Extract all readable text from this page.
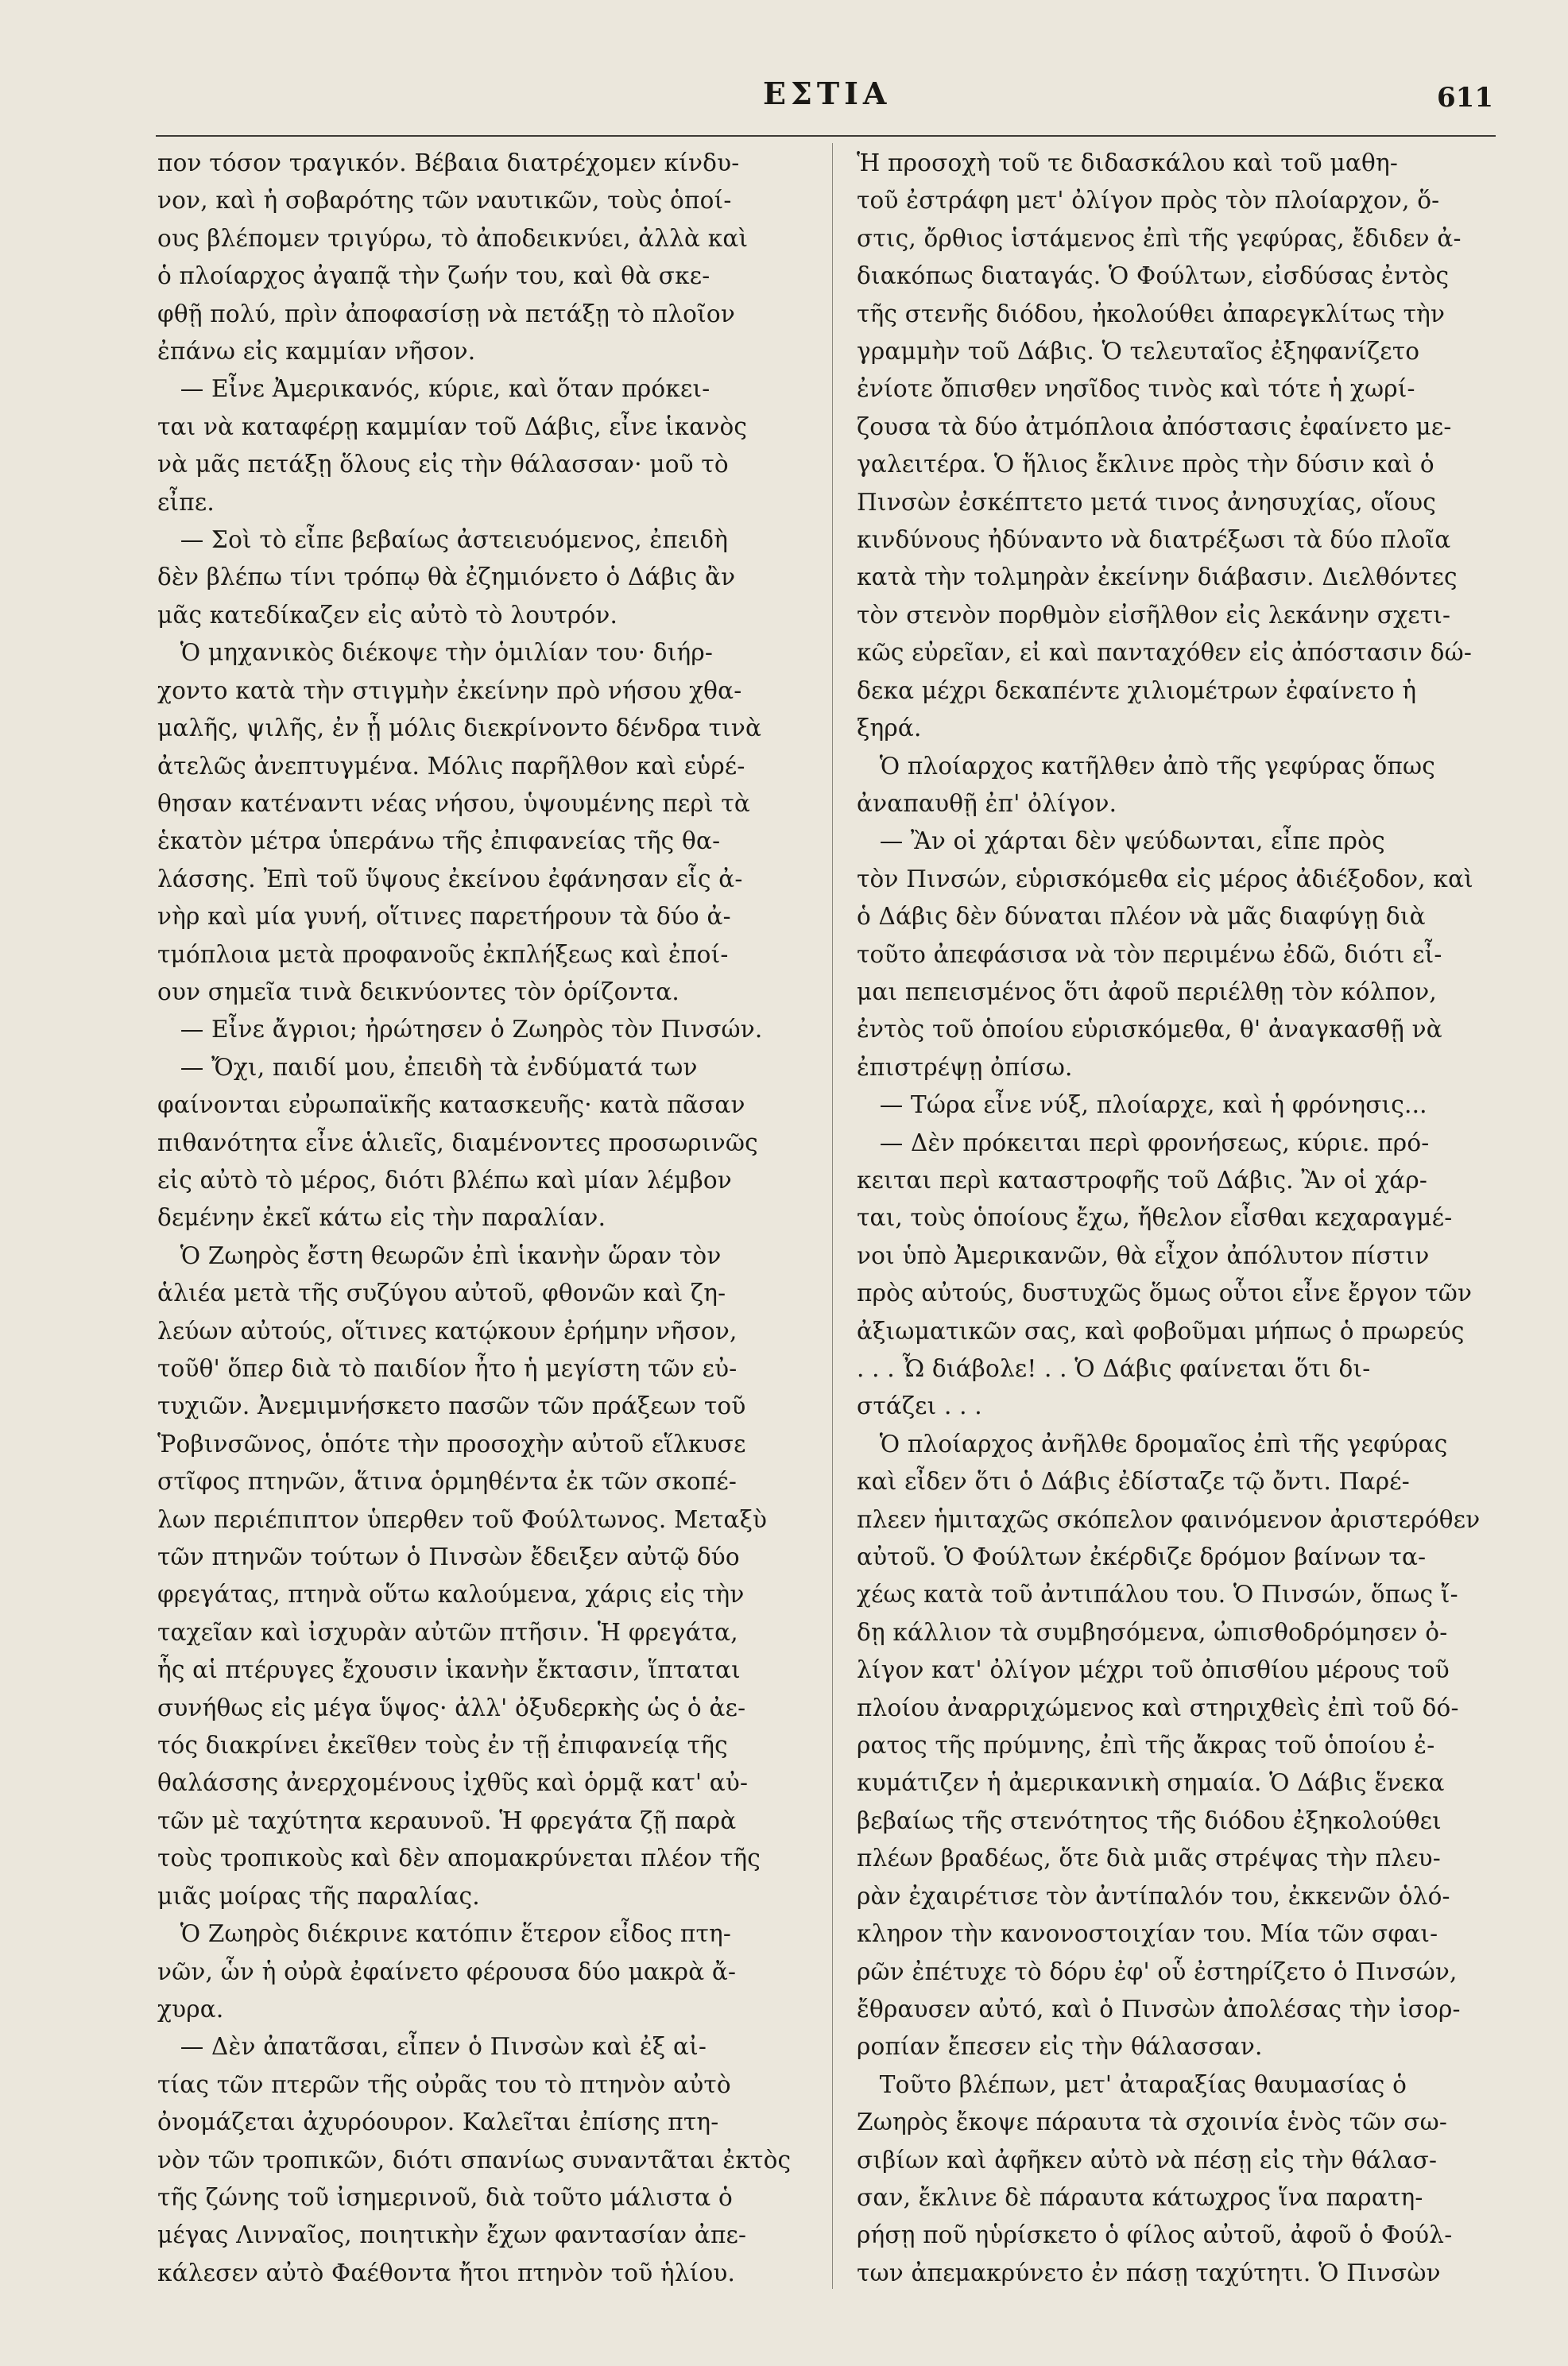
ΕΣΤΙΑ	611

πον τόσον τραγικόν. Βέβαια διατρέχομεν κίνδυ-
νον, καὶ ἡ σοβαρότης τῶν ναυτικῶν, τοὺς ὁποί-
ους βλέπομεν τριγύρω, τὸ ἀποδεικνύει, ἀλλὰ καὶ
ὁ πλοίαρχος ἀγαπᾷ τὴν ζωήν του, καὶ θὰ σκε-
φθῇ πολύ, πρὶν ἀποφασίσῃ νὰ πετάξῃ τὸ πλοῖον
ἐπάνω εἰς καμμίαν νῆσον.
— Εἶνε Ἀμερικανός, κύριε, καὶ ὅταν πρόκει-
ται νὰ καταφέρῃ καμμίαν τοῦ Δάβις, εἶνε ἱκανὸς
νὰ μᾶς πετάξῃ ὅλους εἰς τὴν θάλασσαν· μοῦ τὸ
εἶπε.
— Σοὶ τὸ εἶπε βεβαίως ἀστειευόμενος, ἐπειδὴ
δὲν βλέπω τίνι τρόπῳ θὰ ἐζημιόνετο ὁ Δάβις ἂν
μᾶς κατεδίκαζεν εἰς αὐτὸ τὸ λουτρόν.
Ὁ μηχανικὸς διέκοψε τὴν ὁμιλίαν του· διήρ-
χοντο κατὰ τὴν στιγμὴν ἐκείνην πρὸ νήσου χθα-
μαλῆς, ψιλῆς, ἐν ᾗ μόλις διεκρίνοντο δένδρα τινὰ
ἀτελῶς ἀνεπτυγμένα. Μόλις παρῆλθον καὶ εὑρέ-
θησαν κατέναντι νέας νήσου, ὑψουμένης περὶ τὰ
ἑκατὸν μέτρα ὑπεράνω τῆς ἐπιφανείας τῆς θα-
λάσσης. Ἐπὶ τοῦ ὕψους ἐκείνου ἐφάνησαν εἷς ἀ-
νὴρ καὶ μία γυνή, οἵτινες παρετήρουν τὰ δύο ἀ-
τμόπλοια μετὰ προφανοῦς ἐκπλήξεως καὶ ἐποί-
ουν σημεῖα τινὰ δεικνύοντες τὸν ὁρίζοντα.
— Εἶνε ἄγριοι; ἠρώτησεν ὁ Ζωηρὸς τὸν Πινσών.
— Ὄχι, παιδί μου, ἐπειδὴ τὰ ἐνδύματά των
φαίνονται εὐρωπαϊκῆς κατασκευῆς· κατὰ πᾶσαν
πιθανότητα εἶνε ἁλιεῖς, διαμένοντες προσωρινῶς
εἰς αὐτὸ τὸ μέρος, διότι βλέπω καὶ μίαν λέμβον
δεμένην ἐκεῖ κάτω εἰς τὴν παραλίαν.
Ὁ Ζωηρὸς ἔστη θεωρῶν ἐπὶ ἱκανὴν ὥραν τὸν
ἁλιέα μετὰ τῆς συζύγου αὐτοῦ, φθονῶν καὶ ζη-
λεύων αὐτούς, οἵτινες κατῴκουν ἐρήμην νῆσον,
τοῦθ' ὅπερ διὰ τὸ παιδίον ἦτο ἡ μεγίστη τῶν εὐ-
τυχιῶν. Ἀνεμιμνήσκετο πασῶν τῶν πράξεων τοῦ
Ῥοβινσῶνος, ὁπότε τὴν προσοχὴν αὐτοῦ εἵλκυσε
στῖφος πτηνῶν, ἅτινα ὁρμηθέντα ἐκ τῶν σκοπέ-
λων περιέπιπτον ὑπερθεν τοῦ Φούλτωνος. Μεταξὺ
τῶν πτηνῶν τούτων ὁ Πινσὼν ἔδειξεν αὐτῷ δύο
φρεγάτας, πτηνὰ οὕτω καλούμενα, χάρις εἰς τὴν
ταχεῖαν καὶ ἰσχυρὰν αὐτῶν πτῆσιν. Ἡ φρεγάτα,
ἧς αἱ πτέρυγες ἔχουσιν ἱκανὴν ἔκτασιν, ἵπταται
συνήθως εἰς μέγα ὕψος· ἀλλ' ὀξυδερκὴς ὡς ὁ ἀε-
τός διακρίνει ἐκεῖθεν τοὺς ἐν τῇ ἐπιφανείᾳ τῆς
θαλάσσης ἀνερχομένους ἰχθῦς καὶ ὁρμᾷ κατ' αὐ-
τῶν μὲ ταχύτητα κεραυνοῦ. Ἡ φρεγάτα ζῇ παρὰ
τοὺς τροπικοὺς καὶ δὲν απομακρύνεται πλέον τῆς
μιᾶς μοίρας τῆς παραλίας.
Ὁ Ζωηρὸς διέκρινε κατόπιν ἕτερον εἶδος πτη-
νῶν, ὧν ἡ οὐρὰ ἐφαίνετο φέρουσα δύο μακρὰ ἄ-
χυρα.
— Δὲν ἀπατᾶσαι, εἶπεν ὁ Πινσὼν καὶ ἐξ αἰ-
τίας τῶν πτερῶν τῆς οὐρᾶς του τὸ πτηνὸν αὐτὸ
ὀνομάζεται ἀχυρόουρον. Καλεῖται ἐπίσης πτη-
νὸν τῶν τροπικῶν, διότι σπανίως συναντᾶται ἐκτὸς
τῆς ζώνης τοῦ ἰσημερινοῦ, διὰ τοῦτο μάλιστα ὁ
μέγας Λινναῖος, ποιητικὴν ἔχων φαντασίαν ἀπε-
κάλεσεν αὐτὸ Φαέθοντα ἤτοι πτηνὸν τοῦ ἡλίου.

Ἡ προσοχὴ τοῦ τε διδασκάλου καὶ τοῦ μαθη-
τοῦ ἐστράφη μετ' ὀλίγον πρὸς τὸν πλοίαρχον, ὅ-
στις, ὄρθιος ἱστάμενος ἐπὶ τῆς γεφύρας, ἔδιδεν ἀ-
διακόπως διαταγάς. Ὁ Φούλτων, εἰσδύσας ἐντὸς
τῆς στενῆς διόδου, ἠκολούθει ἀπαρεγκλίτως τὴν
γραμμὴν τοῦ Δάβις. Ὁ τελευταῖος ἐξηφανίζετο
ἐνίοτε ὄπισθεν νησῖδος τινὸς καὶ τότε ἡ χωρί-
ζουσα τὰ δύο ἀτμόπλοια ἀπόστασις ἐφαίνετο με-
γαλειτέρα. Ὁ ἥλιος ἔκλινε πρὸς τὴν δύσιν καὶ ὁ
Πινσὼν ἐσκέπτετο μετά τινος ἀνησυχίας, οἵους
κινδύνους ἠδύναντο νὰ διατρέξωσι τὰ δύο πλοῖα
κατὰ τὴν τολμηρὰν ἐκείνην διάβασιν. Διελθόντες
τὸν στενὸν πορθμὸν εἰσῆλθον εἰς λεκάνην σχετι-
κῶς εὐρεῖαν, εἰ καὶ πανταχόθεν εἰς ἀπόστασιν δώ-
δεκα μέχρι δεκαπέντε χιλιομέτρων ἐφαίνετο ἡ
ξηρά.
Ὁ πλοίαρχος κατῆλθεν ἀπὸ τῆς γεφύρας ὅπως
ἀναπαυθῇ ἐπ' ὀλίγον.
— Ἂν οἱ χάρται δὲν ψεύδωνται, εἶπε πρὸς
τὸν Πινσών, εὑρισκόμεθα εἰς μέρος ἀδιέξοδον, καὶ
ὁ Δάβις δὲν δύναται πλέον νὰ μᾶς διαφύγῃ διὰ
τοῦτο ἀπεφάσισα νὰ τὸν περιμένω ἐδῶ, διότι εἶ-
μαι πεπεισμένος ὅτι ἀφοῦ περιέλθῃ τὸν κόλπον,
ἐντὸς τοῦ ὁποίου εὑρισκόμεθα, θ' ἀναγκασθῇ νὰ
ἐπιστρέψῃ ὀπίσω.
— Τώρα εἶνε νύξ, πλοίαρχε, καὶ ἡ φρόνησις...
— Δὲν πρόκειται περὶ φρονήσεως, κύριε. πρό-
κειται περὶ καταστροφῆς τοῦ Δάβις. Ἂν οἱ χάρ-
ται, τοὺς ὁποίους ἔχω, ἤθελον εἶσθαι κεχαραγμέ-
νοι ὑπὸ Ἀμερικανῶν, θὰ εἶχον ἀπόλυτον πίστιν
πρὸς αὐτούς, δυστυχῶς ὅμως οὗτοι εἶνε ἔργον τῶν
ἀξιωματικῶν σας, καὶ φοβοῦμαι μήπως ὁ πρωρεύς
. . . Ὦ διάβολε! . . Ὁ Δάβις φαίνεται ὅτι δι-
στάζει . . .
Ὁ πλοίαρχος ἀνῆλθε δρομαῖος ἐπὶ τῆς γεφύρας
καὶ εἶδεν ὅτι ὁ Δάβις ἐδίσταζε τῷ ὄντι. Παρέ-
πλεεν ἡμιταχῶς σκόπελον φαινόμενον ἀριστερόθεν
αὐτοῦ. Ὁ Φούλτων ἐκέρδιζε δρόμον βαίνων τα-
χέως κατὰ τοῦ ἀντιπάλου του. Ὁ Πινσών, ὅπως ἴ-
δῃ κάλλιον τὰ συμβησόμενα, ὠπισθοδρόμησεν ὀ-
λίγον κατ' ὀλίγον μέχρι τοῦ ὀπισθίου μέρους τοῦ
πλοίου ἀναρριχώμενος καὶ στηριχθεὶς ἐπὶ τοῦ δό-
ρατος τῆς πρύμνης, ἐπὶ τῆς ἄκρας τοῦ ὁποίου ἐ-
κυμάτιζεν ἡ ἀμερικανικὴ σημαία. Ὁ Δάβις ἕνεκα
βεβαίως τῆς στενότητος τῆς διόδου ἐξηκολούθει
πλέων βραδέως, ὅτε διὰ μιᾶς στρέψας τὴν πλευ-
ρὰν ἐχαιρέτισε τὸν ἀντίπαλόν του, ἐκκενῶν ὁλό-
κληρον τὴν κανονοστοιχίαν του. Μία τῶν σφαι-
ρῶν ἐπέτυχε τὸ δόρυ ἐφ' οὗ ἐστηρίζετο ὁ Πινσών,
ἔθραυσεν αὐτό, καὶ ὁ Πινσὼν ἀπολέσας τὴν ἰσορ-
ροπίαν ἔπεσεν εἰς τὴν θάλασσαν.
Τοῦτο βλέπων, μετ' ἀταραξίας θαυμασίας ὁ
Ζωηρὸς ἔκοψε πάραυτα τὰ σχοινία ἑνὸς τῶν σω-
σιβίων καὶ ἀφῆκεν αὐτὸ νὰ πέσῃ εἰς τὴν θάλασ-
σαν, ἔκλινε δὲ πάραυτα κάτωχρος ἵνα παρατη-
ρήσῃ ποῦ ηὑρίσκετο ὁ φίλος αὐτοῦ, ἀφοῦ ὁ Φούλ-
των ἀπεμακρύνετο ἐν πάσῃ ταχύτητι. Ὁ Πινσὼν
